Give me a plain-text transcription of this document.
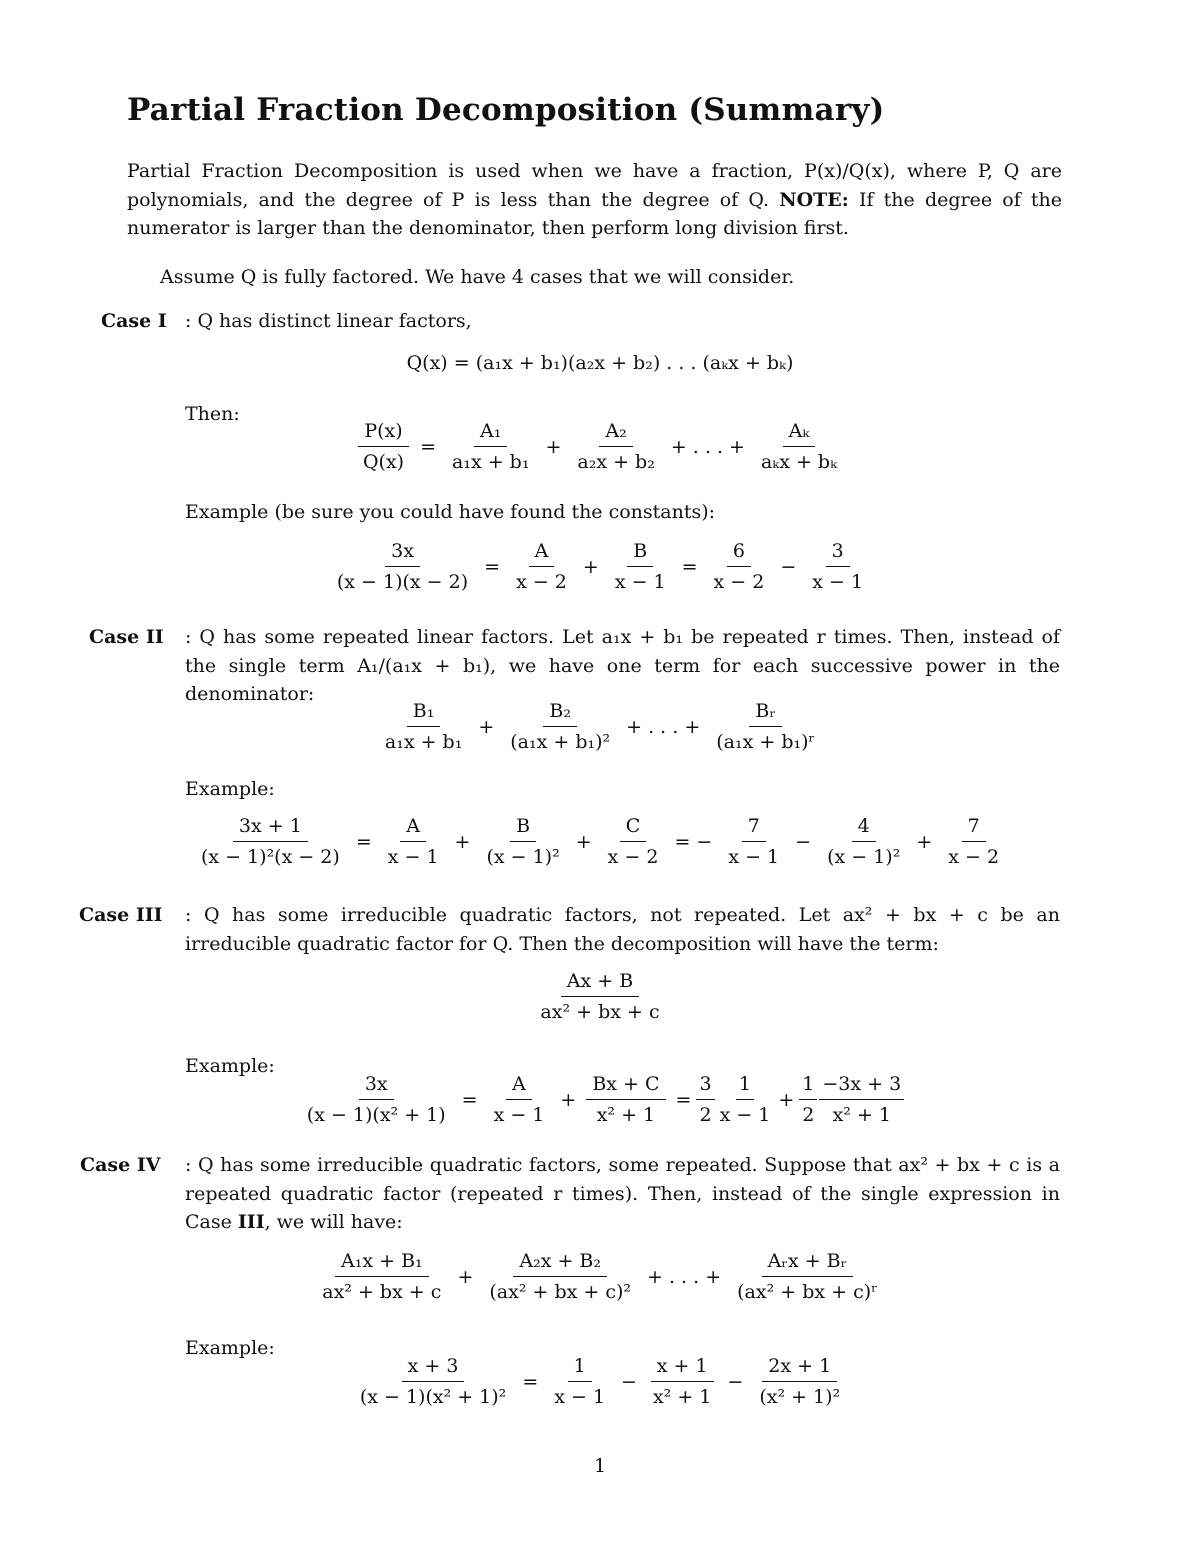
Partial Fraction Decomposition (Summary)
Partial Fraction Decomposition is used when we have a fraction, P(x)/Q(x), where P, Q are polynomials, and the degree of P is less than the degree of Q. NOTE: If the degree of the numerator is larger than the denominator, then perform long division first.
Assume Q is fully factored. We have 4 cases that we will consider.
Case I : Q has distinct linear factors,
Q(x) = (a₁x + b₁)(a₂x + b₂) . . . (aₖx + bₖ)
Then:
$\frac{P(x)}{Q(x)} = \frac{\text{A₁}}{\text{a₁x + b₁}} + \frac{\text{A₂}}{\text{a₂x + b₂}}$ + . . . + $\frac{\text{Aₖ}}{\text{aₖx + bₖ}}$
Example (be sure you could have found the constants):
$\frac{3x}{(x - 1)(x - 2)} = \frac{A}{x - 2} + \frac{B}{x - 1} = \frac{6}{x - 2} - \frac{3}{x - 1}$
Case II : Q has some repeated linear factors. Let a₁x + b₁ be repeated r times. Then, instead of the single term A₁/(a₁x + b₁), we have one term for each successive power in the denominator:
$\frac{\text{B₁}}{\text{a₁x + b₁}} + \frac{\text{B₂}}{\text{(a₁x + b₁)²}}$ + . . . + $\frac{\text{Bᵣ}}{\text{(a₁x + b₁)ʳ}}$
Example:
$\frac{3x + 1}{\text{(x − 1)²(x − 2)}} = \frac{A}{x - 1} + \frac{B}{\text{(x − 1)²}} + \frac{C}{x - 2}$ = − $\frac{7}{x - 1} - \frac{4}{\text{(x − 1)²}} + \frac{7}{x - 2}$
Case III : Q has some irreducible quadratic factors, not repeated. Let ax² + bx + c be an irreducible quadratic factor for Q. Then the decomposition will have the term:
$\frac{Ax + B}{\text{ax² + bx + c}}$
Example:
$\frac{3x}{\text{(x − 1)(x² + 1)}} = \frac{A}{x - 1} + \frac{Bx + C}{\text{x² + 1}} = \frac{3}{2} \frac{1}{x - 1} + \frac{1}{2} \frac{-3x + 3}{\text{x² + 1}}$
Case IV : Q has some irreducible quadratic factors, some repeated. Suppose that ax² + bx + c is a repeated quadratic factor (repeated r times). Then, instead of the single expression in Case III, we will have:
$\frac{\text{A₁x + B₁}}{\text{ax² + bx + c}} + \frac{\text{A₂x + B₂}}{\text{(ax² + bx + c)²}}$ + . . . + $\frac{\text{Aᵣx + Bᵣ}}{\text{(ax² + bx + c)ʳ}}$
Example:
$\frac{x + 3}{\text{(x − 1)(x² + 1)²}} = \frac{1}{x - 1} - \frac{x + 1}{\text{x² + 1}} - \frac{2x + 1}{\text{(x² + 1)²}}$
1
